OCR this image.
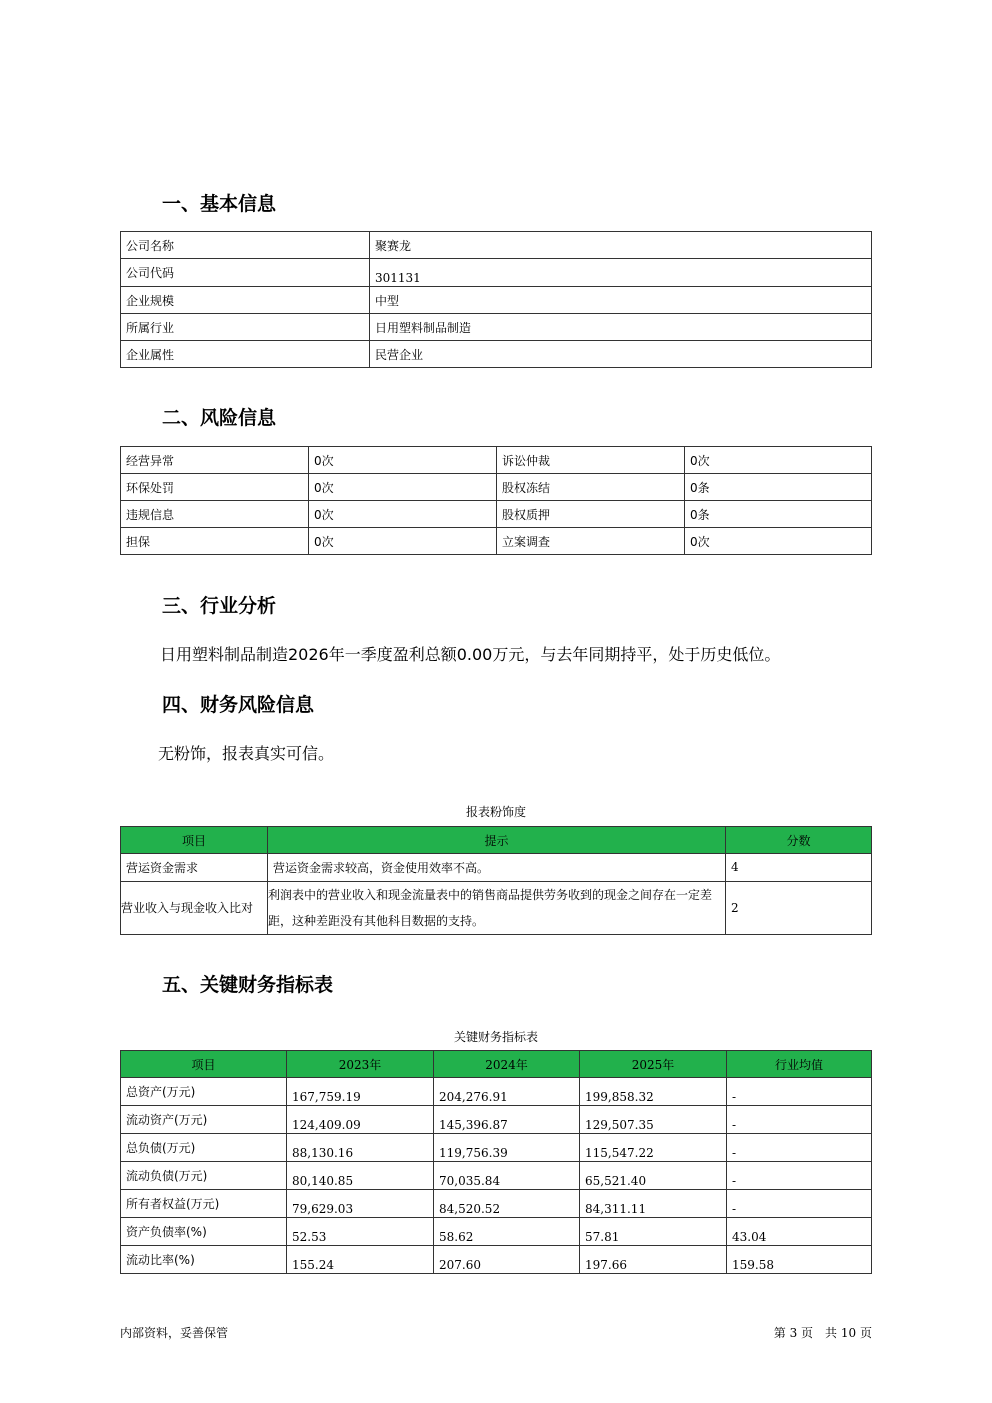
一、基本信息
公司名称	聚赛龙
公司代码	301131
企业规模	中型
所属行业	日用塑料制品制造
企业属性	民营企业
二、风险信息
经营异常	0次	诉讼仲裁	0次
环保处罚	0次	股权冻结	0条
违规信息	0次	股权质押	0条
担保	0次	立案调查	0次
三、行业分析

日用塑料制品制造2026年一季度盈利总额0.00万元，与去年同期持平，处于历史低位。

四、财务风险信息

无粉饰，报表真实可信。

报表粉饰度
项目	提示	分数
营运资金需求	营运资金需求较高，资金使用效率不高。	4
营业收入与现金收入比对	利润表中的营业收入和现金流量表中的销售商品提供劳务收到的现金之间存在一定差距，这种差距没有其他科目数据的支持。	2
五、关键财务指标表
关键财务指标表
项目	2023年	2024年	2025年	行业均值
总资产(万元)	167,759.19	204,276.91	199,858.32	-
流动资产(万元)	124,409.09	145,396.87	129,507.35	-
总负债(万元)	88,130.16	119,756.39	115,547.22	-
流动负债(万元)	80,140.85	70,035.84	65,521.40	-
所有者权益(万元)	79,629.03	84,520.52	84,311.11	-
资产负债率(%)	52.53	58.62	57.81	43.04
流动比率(%)	155.24	207.60	197.66	159.58
内部资料，妥善保管	第 3 页　共 10 页
